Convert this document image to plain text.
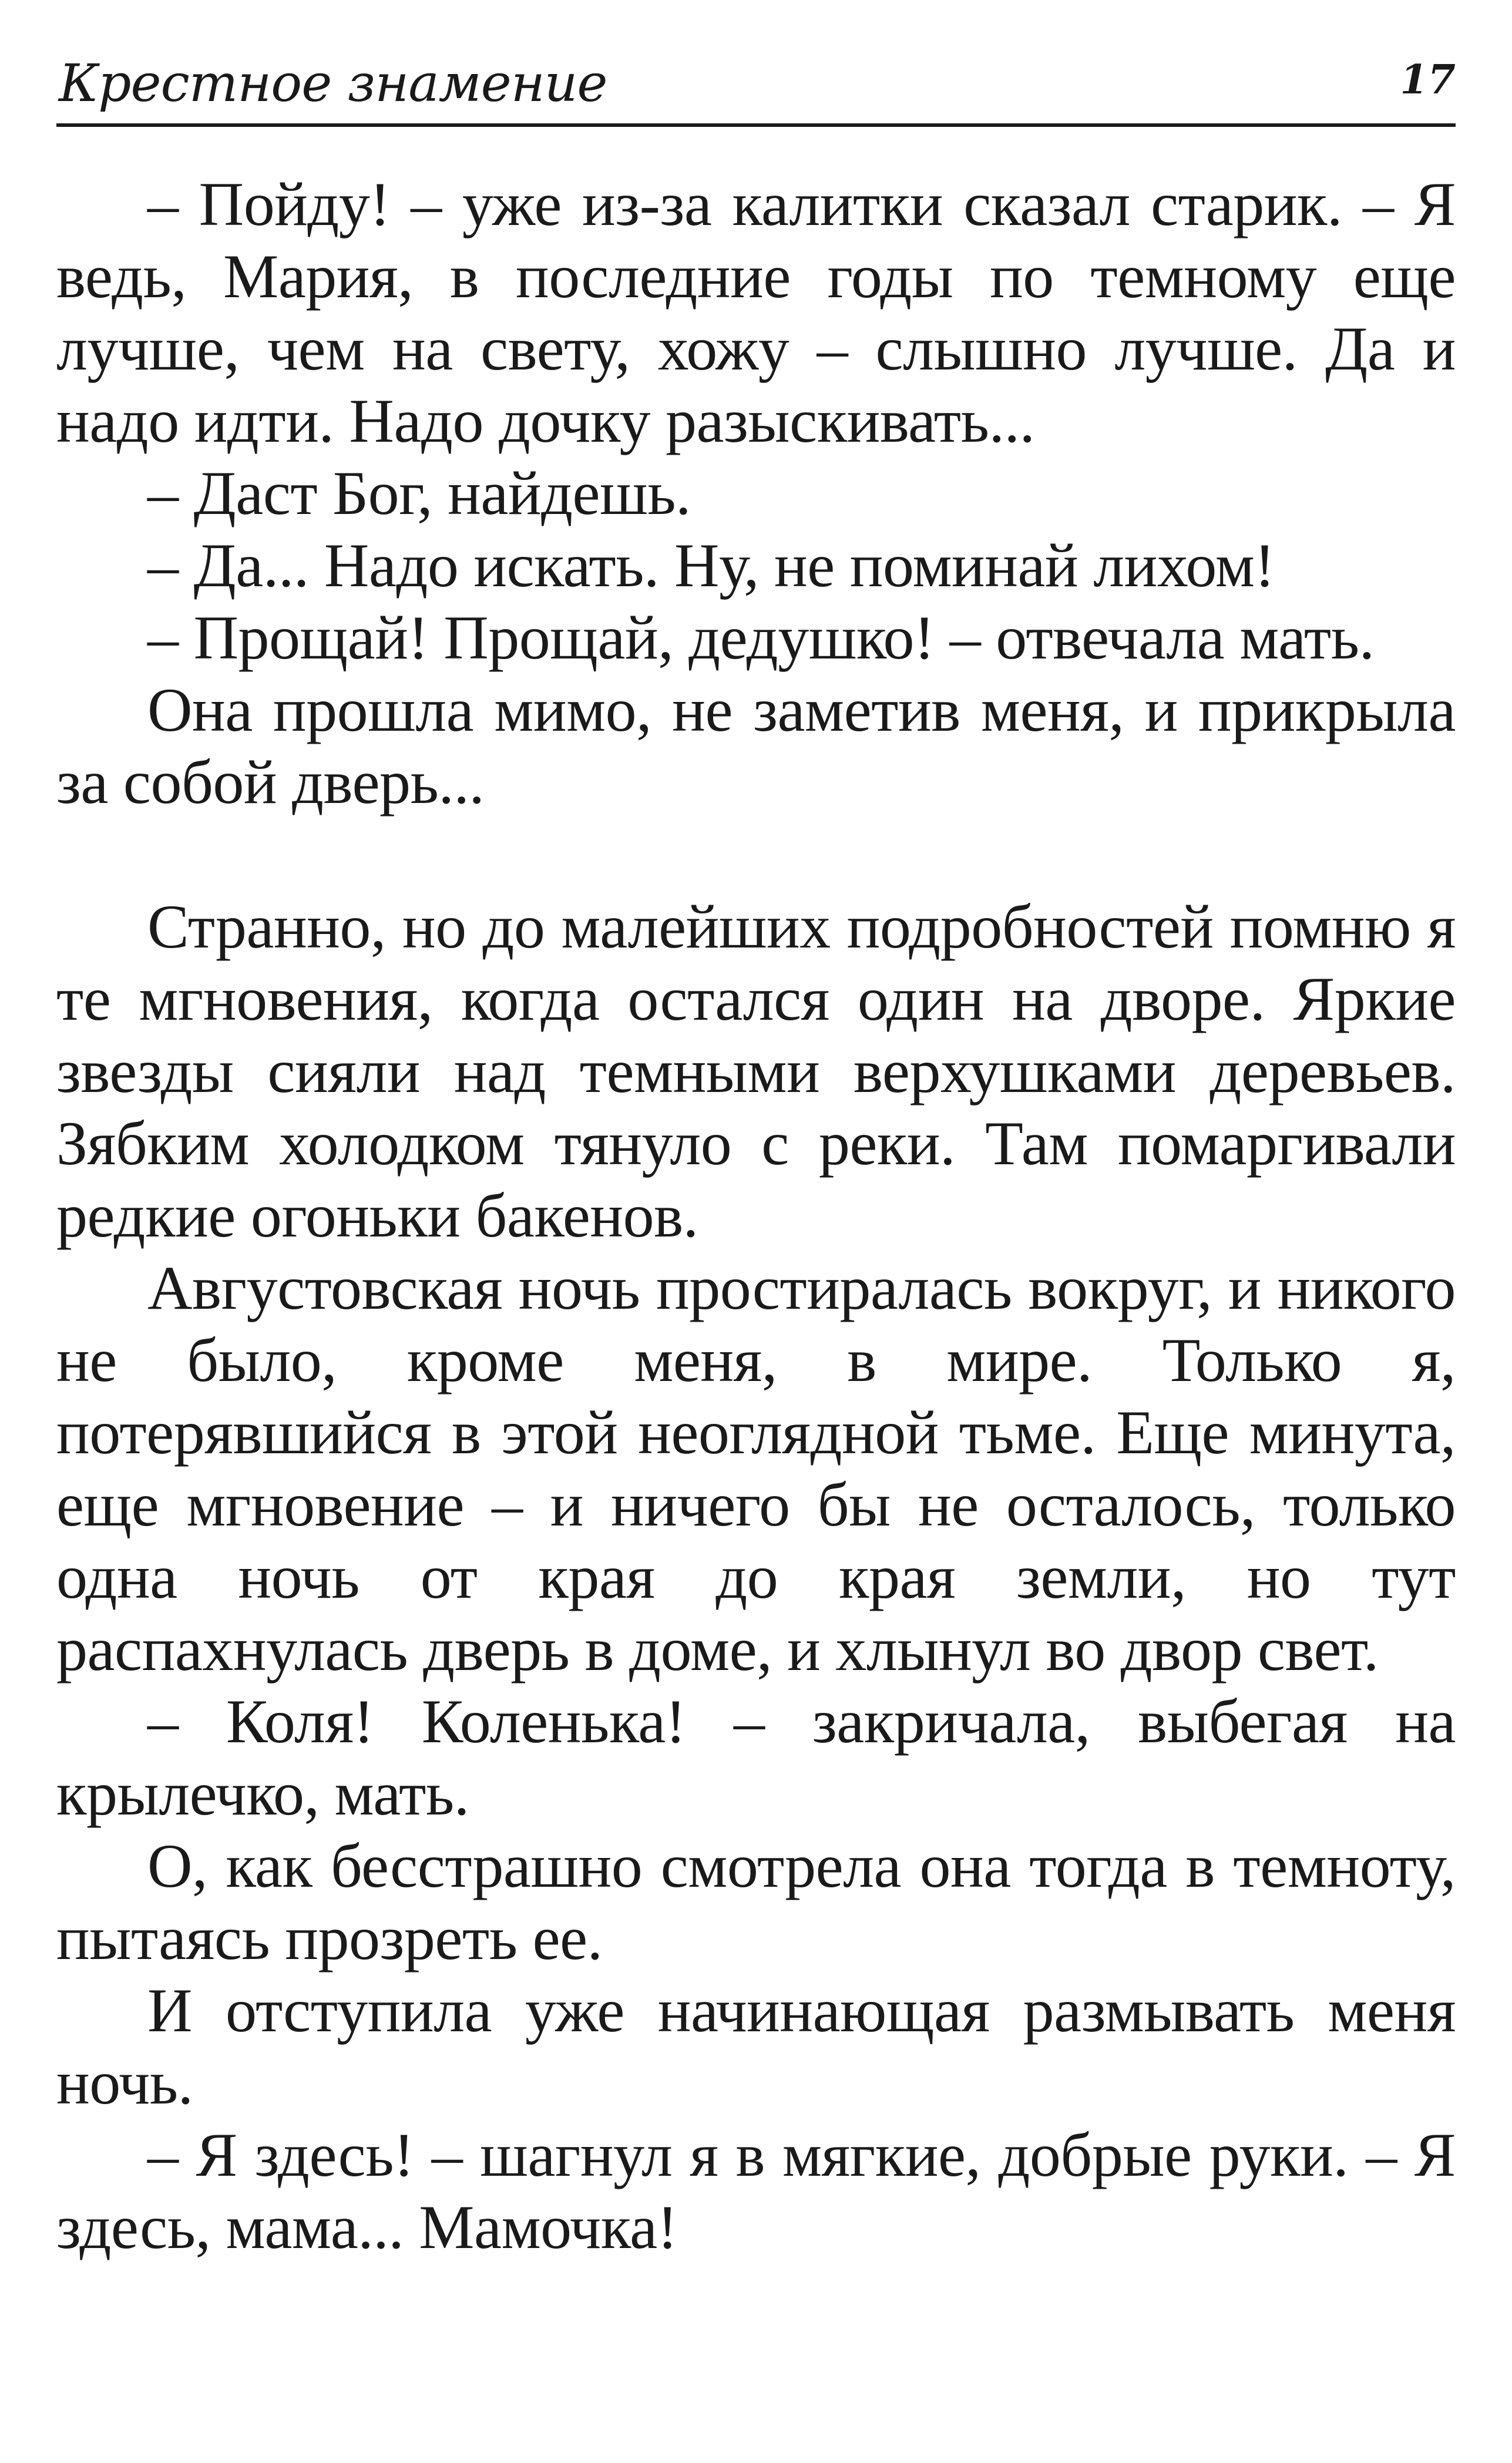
Крестное знамение	17

– Пойду! – уже из-за калитки сказал старик. – Я ведь, Мария, в последние годы по темному еще лучше, чем на свету, хожу – слышно лучше. Да и надо идти. Надо дочку разыскивать...

– Даст Бог, найдешь.

– Да... Надо искать. Ну, не поминай лихом!

– Прощай! Прощай, дедушко! – отвечала мать.

Она прошла мимо, не заметив меня, и прикрыла за собой дверь...

Странно, но до малейших подробностей помню я те мгновения, когда остался один на дворе. Яркие звезды сияли над темными верхушками деревьев. Зябким холодком тянуло с реки. Там помаргивали редкие огоньки бакенов.

Августовская ночь простиралась вокруг, и никого не было, кроме меня, в мире. Только я, потерявшийся в этой неоглядной тьме. Еще минута, еще мгновение – и ничего бы не осталось, только одна ночь от края до края земли, но тут распахнулась дверь в доме, и хлынул во двор свет.

– Коля! Коленька! – закричала, выбегая на крылечко, мать.

О, как бесстрашно смотрела она тогда в темноту, пытаясь прозреть ее.

И отступила уже начинающая размывать меня ночь.

– Я здесь! – шагнул я в мягкие, добрые руки. – Я здесь, мама... Мамочка!
